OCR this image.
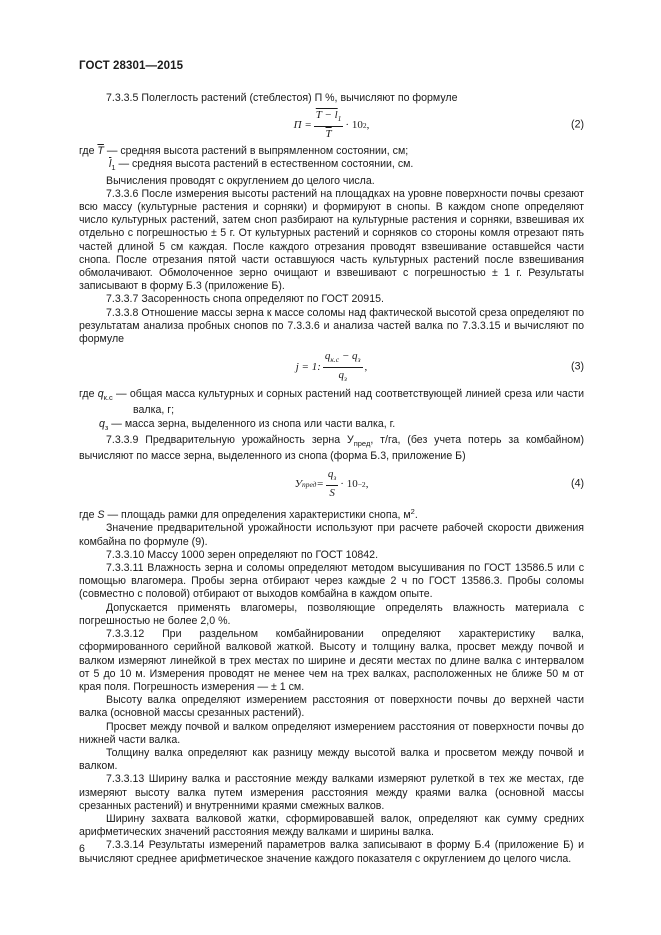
ГОСТ 28301—2015

7.3.3.5 Полеглость растений (стеблестоя) П %, вычисляют по формуле

$П = \frac{T - l_1}{T} \cdot 10$ 2 ,	(2)

где $\overline{T}$ — средняя высота растений в выпрямленном состоянии, см;

$\overline{l}_1$ — средняя высота растений в естественном состоянии, см.

Вычисления проводят с округлением до целого числа.

7.3.3.6 После измерения высоты растений на площадках на уровне поверхности почвы срезают всю массу (культурные растения и сорняки) и формируют в снопы. В каждом снопе определяют число культурных растений, затем сноп разбирают на культурные растения и сорняки, взвешивая их отдельно с погрешностью ± 5 г. От культурных растений и сорняков со стороны комля отрезают пять частей длиной 5 см каждая. После каждого отрезания проводят взвешивание оставшейся части снопа. После отрезания пятой части оставшуюся часть культурных растений после взвешивания обмолачивают. Обмолоченное зерно очищают и взвешивают с погрешностью ± 1 г. Результаты записывают в форму Б.3 (приложение Б).

7.3.3.7 Засоренность снопа определяют по ГОСТ 20915.

7.3.3.8 Отношение массы зерна к массе соломы над фактической высотой среза определяют по результатам анализа пробных снопов по 7.3.3.6 и анализа частей валка по 7.3.3.15 и вычисляют по формуле

j = 1: $\frac{q_{к.с} - q_з}{q_з}$ ,	(3)

где $q_{к.с}$ — общая масса культурных и сорных растений над соответствующей линией среза или части валка, г;

$q_з$ — масса зерна, выделенного из снопа или части валка, г.

7.3.3.9 Предварительную урожайность зерна $У_{пред}$, т/га, (без учета потерь за комбайном) вычисляют по массе зерна, выделенного из снопа (форма Б.3, приложение Б)

У пред = $\frac{q_з}{S} \cdot 10 -2$ ,	(4)

где S — площадь рамки для определения характеристики снопа, $м^2$.

Значение предварительной урожайности используют при расчете рабочей скорости движения комбайна по формуле (9).

7.3.3.10 Массу 1000 зерен определяют по ГОСТ 10842.

7.3.3.11 Влажность зерна и соломы определяют методом высушивания по ГОСТ 13586.5 или с помощью влагомера. Пробы зерна отбирают через каждые 2 ч по ГОСТ 13586.3. Пробы соломы (совместно с половой) отбирают от выходов комбайна в каждом опыте.

Допускается применять влагомеры, позволяющие определять влажность материала с погрешностью не более 2,0 %.

7.3.3.12 При раздельном комбайнировании определяют характеристику валка, сформированного серийной валковой жаткой. Высоту и толщину валка, просвет между почвой и валком измеряют линейкой в трех местах по ширине и десяти местах по длине валка с интервалом от 5 до 10 м. Измерения проводят не менее чем на трех валках, расположенных не ближе 50 м от края поля. Погрешность измерения — ± 1 см.

Высоту валка определяют измерением расстояния от поверхности почвы до верхней части валка (основной массы срезанных растений).

Просвет между почвой и валком определяют измерением расстояния от поверхности почвы до нижней части валка.

Толщину валка определяют как разницу между высотой валка и просветом между почвой и валком.

7.3.3.13 Ширину валка и расстояние между валками измеряют рулеткой в тех же местах, где измеряют высоту валка путем измерения расстояния между краями валка (основной массы срезанных растений) и внутренними краями смежных валков.

Ширину захвата валковой жатки, сформировавшей валок, определяют как сумму средних арифметических значений расстояния между валками и ширины валка.

7.3.3.14 Результаты измерений параметров валка записывают в форму Б.4 (приложение Б) и вычисляют среднее арифметическое значение каждого показателя с округлением до целого числа.

6
